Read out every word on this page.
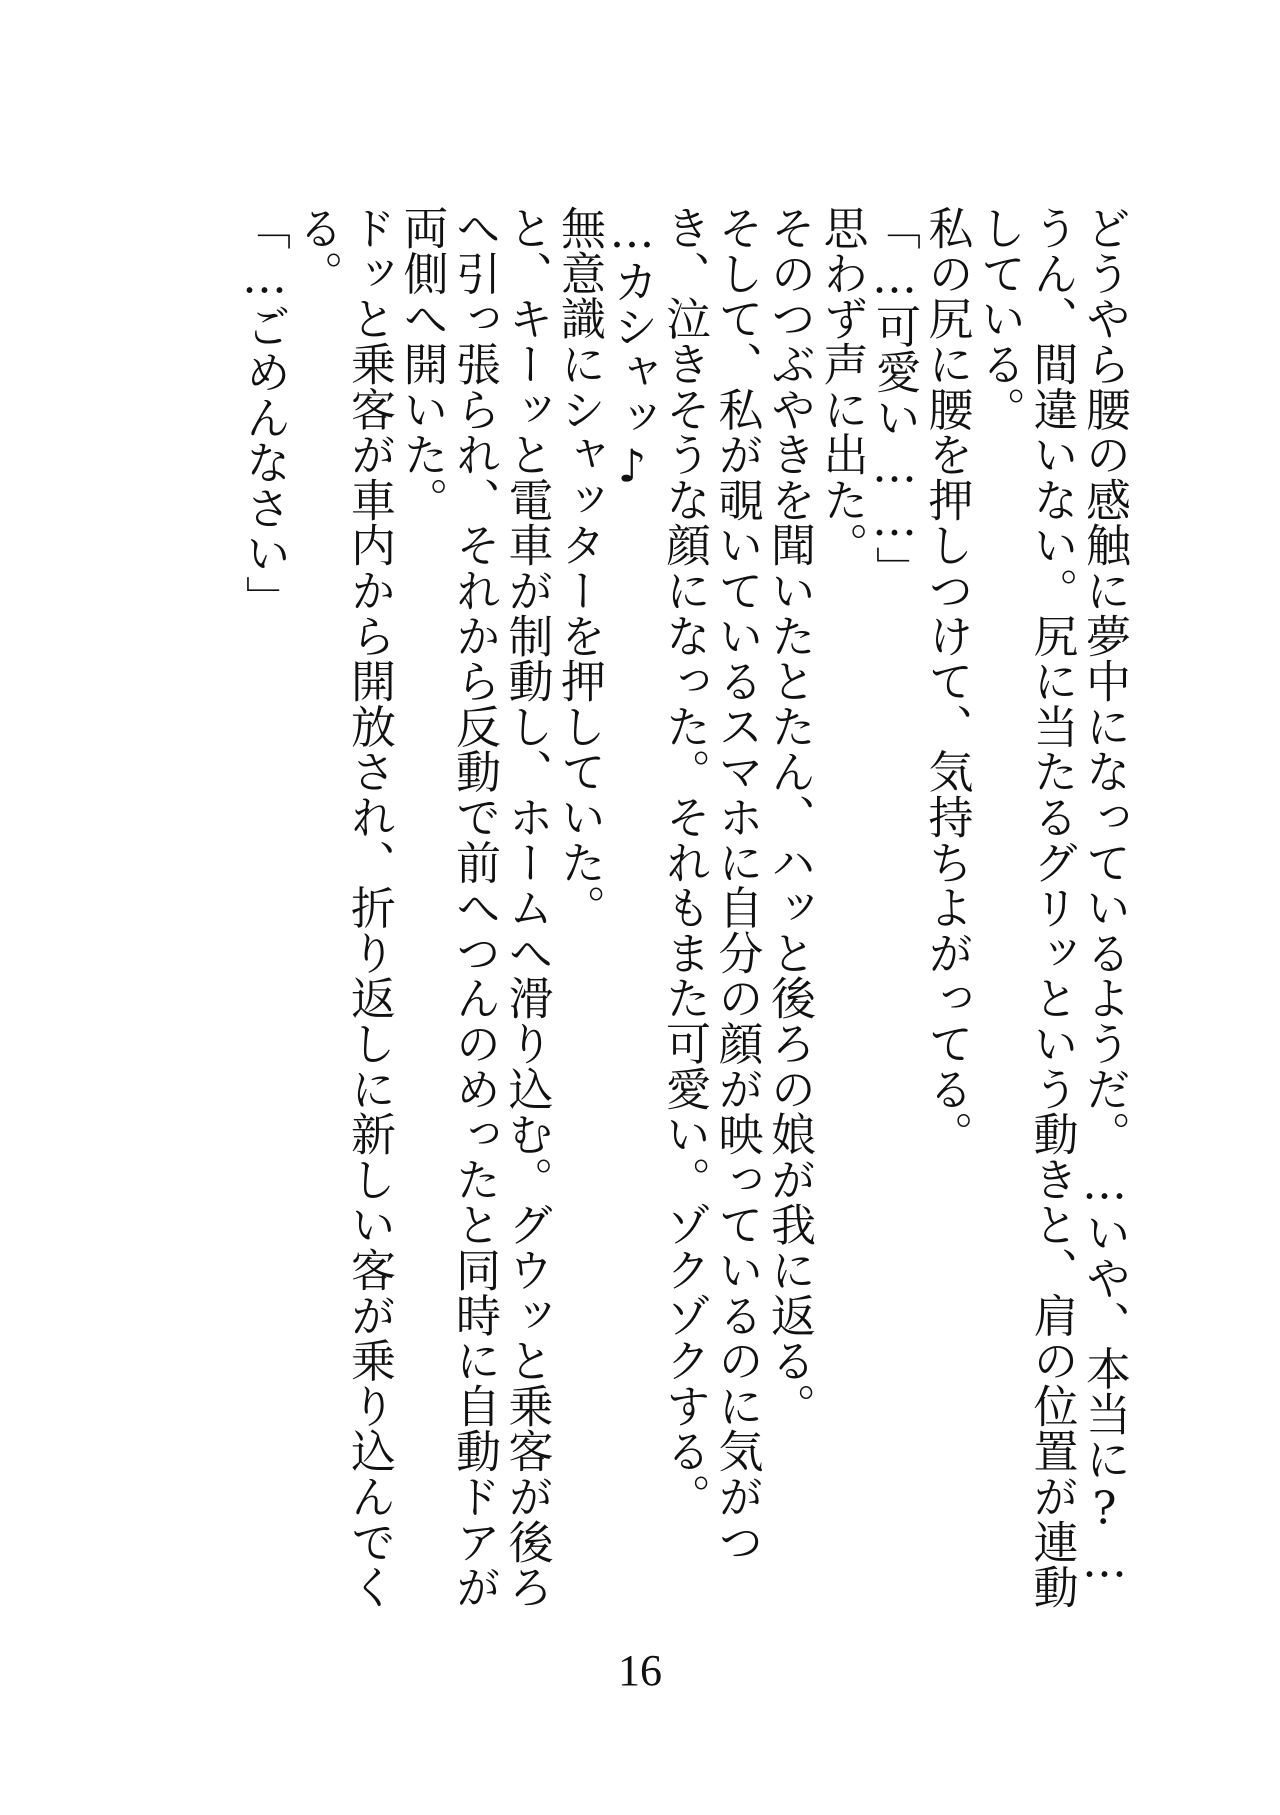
どうやら腰の感触に夢中になっているようだ。…いや、本当に?…うん、間違いない。尻に当たるグリッという動きと、肩の位置が連動している。

私の尻に腰を押しつけて、気持ちよがってる。

「…可愛い……」

思わず声に出た。

そのつぶやきを聞いたとたん、ハッと後ろの娘が我に返る。

そして、私が覗いているスマホに自分の顔が映っているのに気がつき、泣きそうな顔になった。それもまた可愛い。ゾクゾクする。

…カシャッ♪

無意識にシャッターを押していた。

と、キーッと電車が制動し、ホームへ滑り込む。グウッと乗客が後ろへ引っ張られ、それから反動で前へつんのめったと同時に自動ドアが両側へ開いた。

ドッと乗客が車内から開放され、折り返しに新しい客が乗り込んでくる。

「…ごめんなさい」

16
